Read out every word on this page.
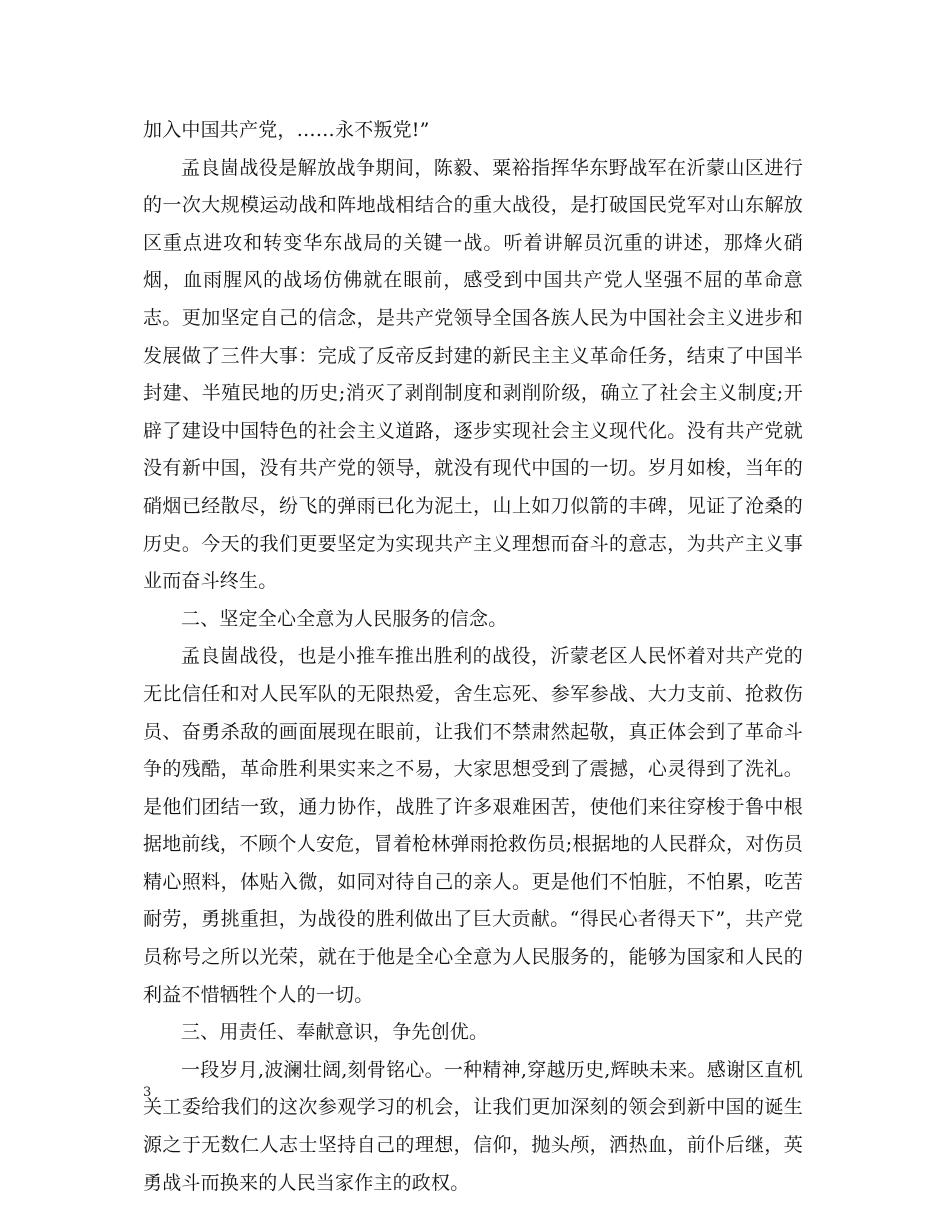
加入中国共产党，……永不叛党!”

孟良崮战役是解放战争期间，陈毅、粟裕指挥华东野战军在沂蒙山区进行的一次大规模运动战和阵地战相结合的重大战役，是打破国民党军对山东解放区重点进攻和转变华东战局的关键一战。听着讲解员沉重的讲述，那烽火硝烟，血雨腥风的战场仿佛就在眼前，感受到中国共产党人坚强不屈的革命意志。更加坚定自己的信念，是共产党领导全国各族人民为中国社会主义进步和发展做了三件大事：完成了反帝反封建的新民主主义革命任务，结束了中国半封建、半殖民地的历史;消灭了剥削制度和剥削阶级，确立了社会主义制度;开辟了建设中国特色的社会主义道路，逐步实现社会主义现代化。没有共产党就没有新中国，没有共产党的领导，就没有现代中国的一切。岁月如梭，当年的硝烟已经散尽，纷飞的弹雨已化为泥土，山上如刀似箭的丰碑，见证了沧桑的历史。今天的我们更要坚定为实现共产主义理想而奋斗的意志，为共产主义事业而奋斗终生。

二、坚定全心全意为人民服务的信念。

孟良崮战役，也是小推车推出胜利的战役，沂蒙老区人民怀着对共产党的无比信任和对人民军队的无限热爱，舍生忘死、参军参战、大力支前、抢救伤员、奋勇杀敌的画面展现在眼前，让我们不禁肃然起敬，真正体会到了革命斗争的残酷，革命胜利果实来之不易，大家思想受到了震撼，心灵得到了洗礼。是他们团结一致，通力协作，战胜了许多艰难困苦，使他们来往穿梭于鲁中根据地前线，不顾个人安危，冒着枪林弹雨抢救伤员;根据地的人民群众，对伤员精心照料，体贴入微，如同对待自己的亲人。更是他们不怕脏，不怕累，吃苦耐劳，勇挑重担，为战役的胜利做出了巨大贡献。“得民心者得天下”，共产党员称号之所以光荣，就在于他是全心全意为人民服务的，能够为国家和人民的利益不惜牺牲个人的一切。

三、用责任、奉献意识，争先创优。

一段岁月,波澜壮阔,刻骨铭心。一种精神,穿越历史,辉映未来。感谢区直机关工委给我们的这次参观学习的机会，让我们更加深刻的领会到新中国的诞生源之于无数仁人志士坚持自己的理想，信仰，抛头颅，洒热血，前仆后继，英勇战斗而换来的人民当家作主的政权。

3
